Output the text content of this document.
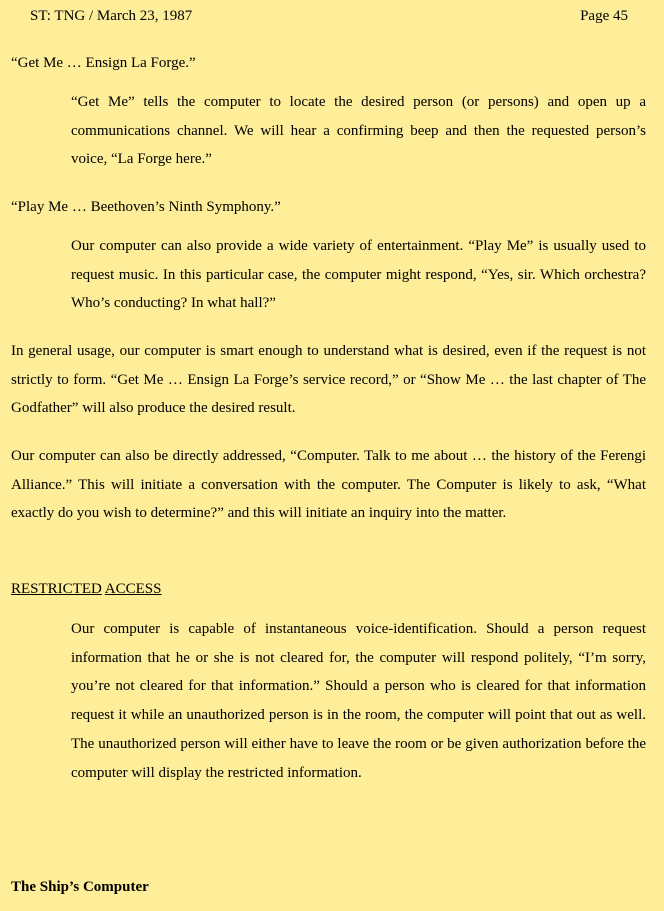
ST: TNG / March 23, 1987	Page 45
“Get Me … Ensign La Forge.”
“Get Me” tells the computer to locate the desired person (or persons) and open up a communications channel. We will hear a confirming beep and then the requested person’s voice, “La Forge here.”
“Play Me … Beethoven’s Ninth Symphony.”
Our computer can also provide a wide variety of entertainment. “Play Me” is usually used to request music. In this particular case, the computer might respond, “Yes, sir. Which orchestra? Who’s conducting? In what hall?”
In general usage, our computer is smart enough to understand what is desired, even if the request is not strictly to form. “Get Me … Ensign La Forge’s service record,” or “Show Me … the last chapter of The Godfather” will also produce the desired result.
Our computer can also be directly addressed, “Computer. Talk to me about … the history of the Ferengi Alliance.” This will initiate a conversation with the computer. The Computer is likely to ask, “What exactly do you wish to determine?” and this will initiate an inquiry into the matter.
RESTRICTED ACCESS
Our computer is capable of instantaneous voice-identification. Should a person request information that he or she is not cleared for, the computer will respond politely, “I’m sorry, you’re not cleared for that information.” Should a person who is cleared for that information request it while an unauthorized person is in the room, the computer will point that out as well. The unauthorized person will either have to leave the room or be given authorization before the computer will display the restricted information.
The Ship’s Computer
